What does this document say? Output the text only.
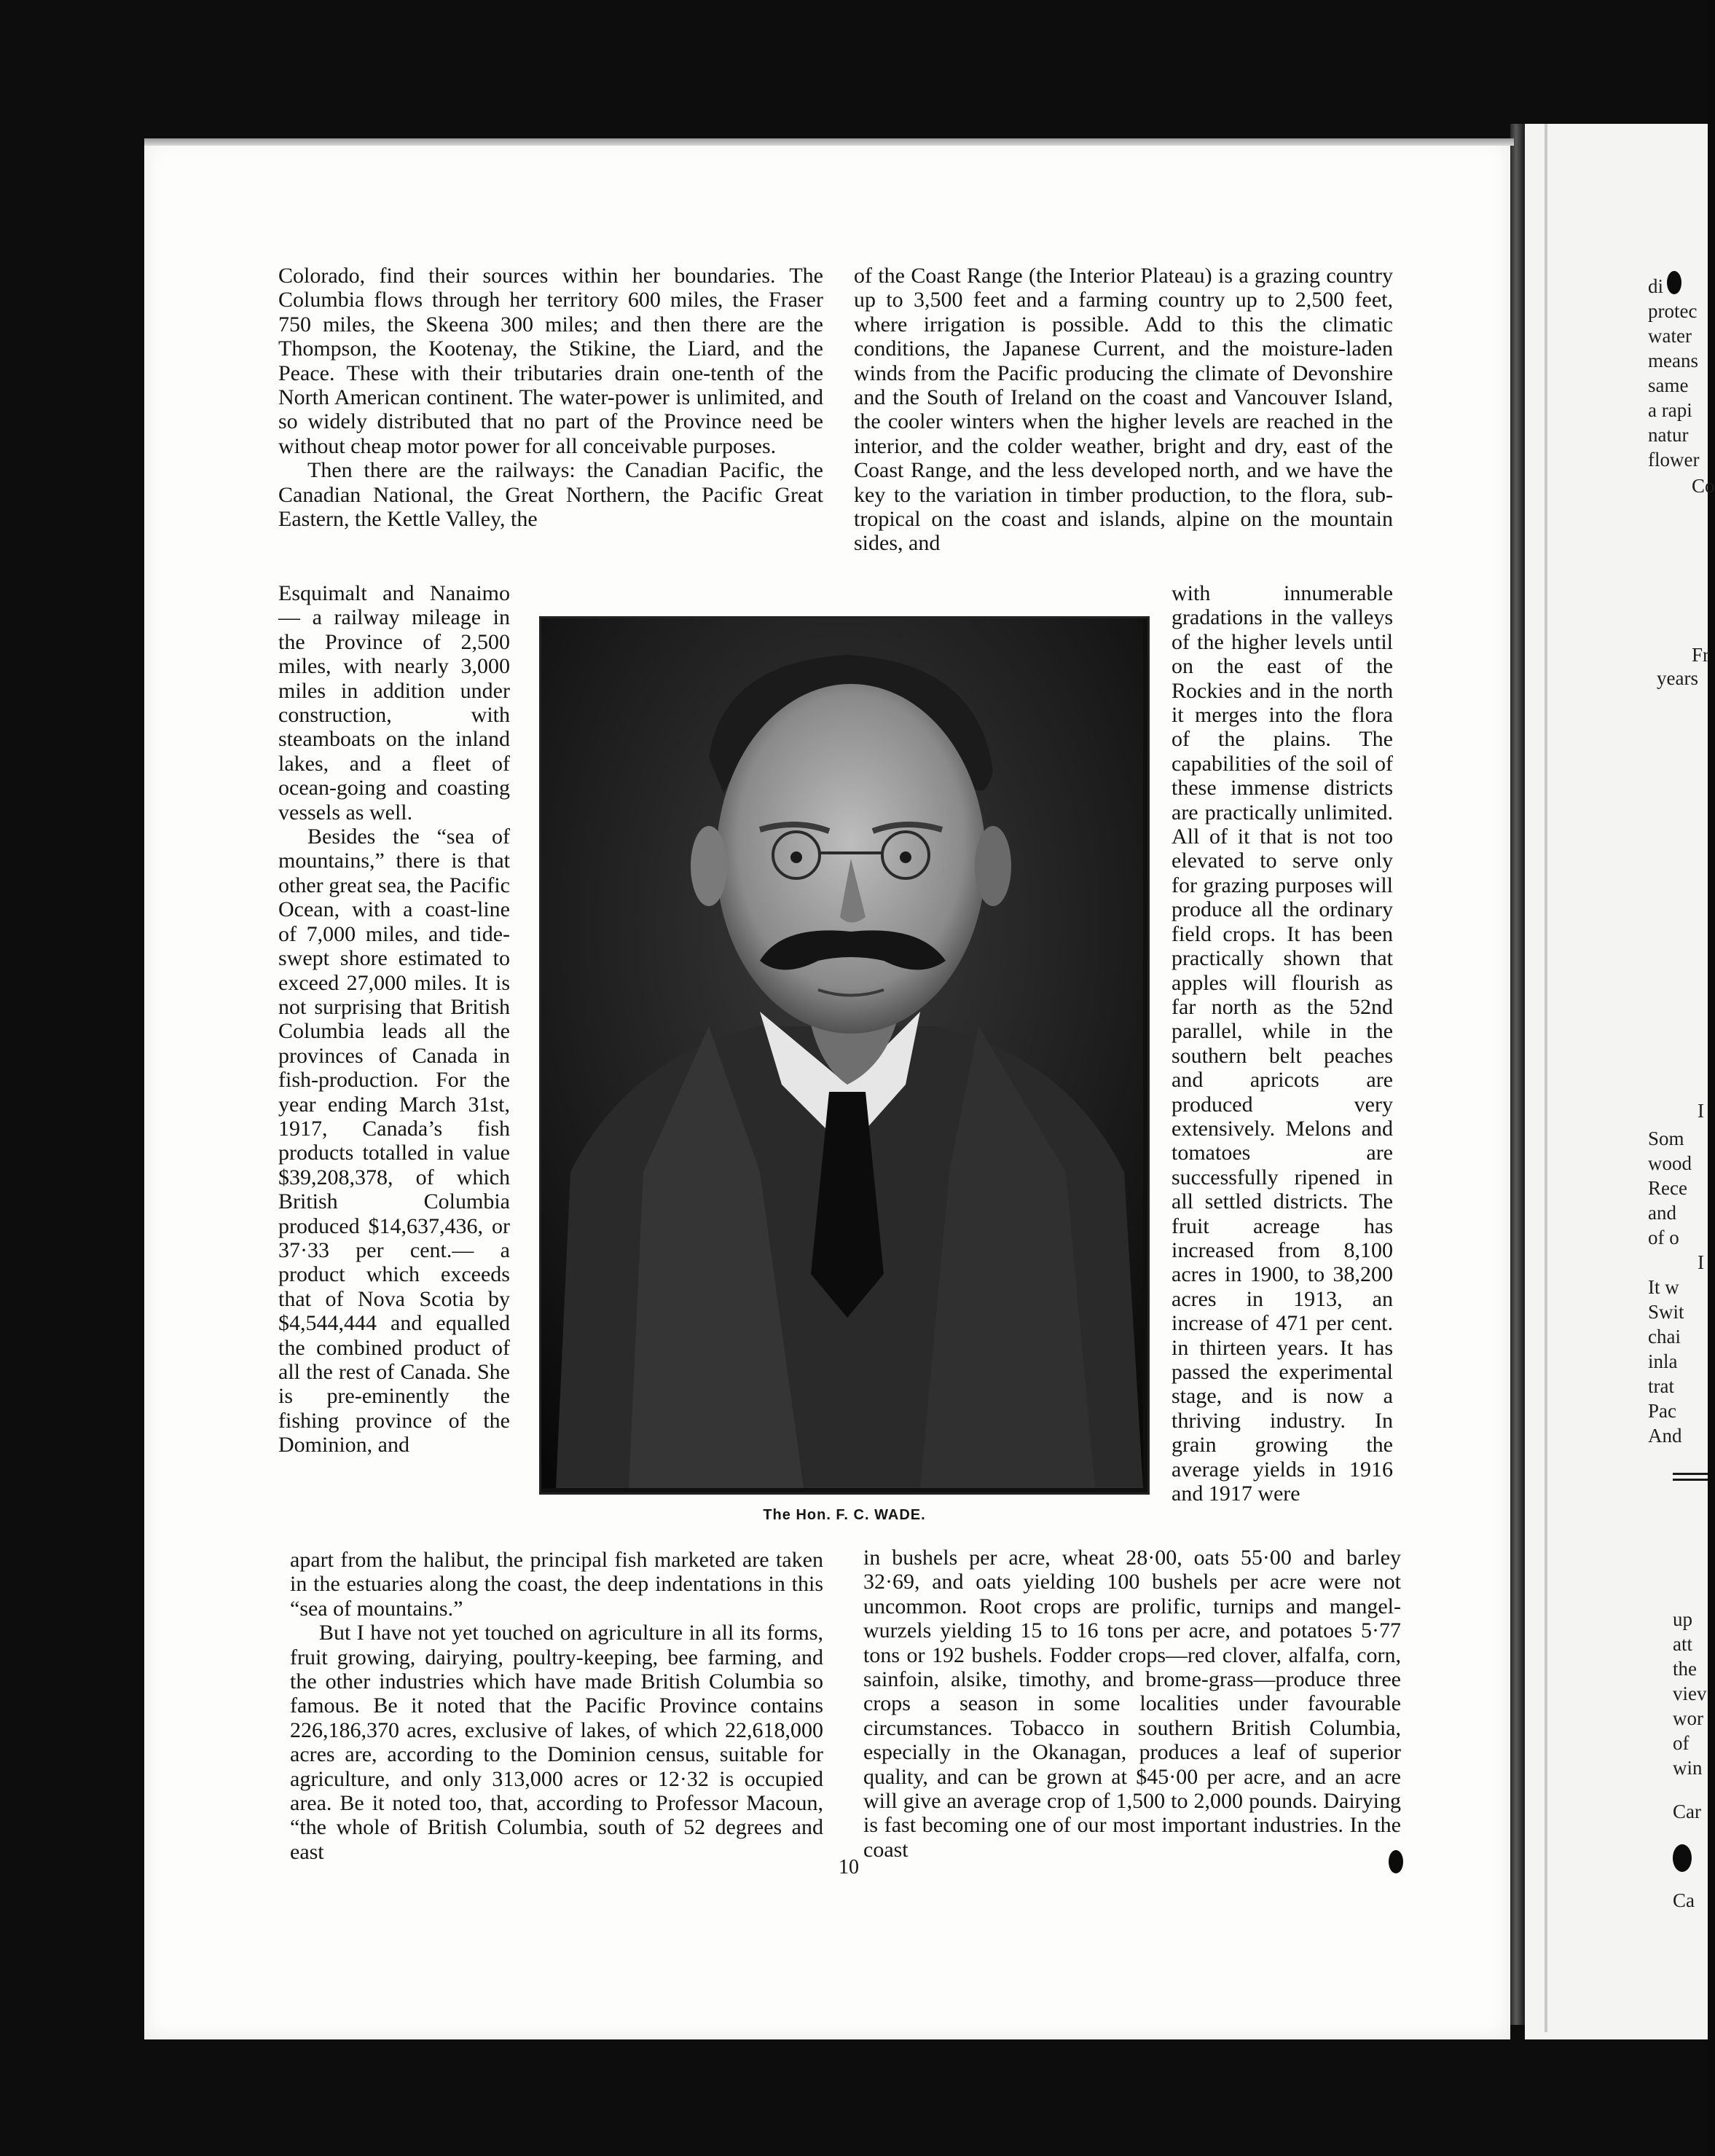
Colorado, find their sources within her boundaries. The Columbia flows through her territory 600 miles, the Fraser 750 miles, the Skeena 300 miles; and then there are the Thompson, the Kootenay, the Stikine, the Liard, and the Peace. These with their tributaries drain one-tenth of the North American continent. The water-power is unlimited, and so widely distributed that no part of the Province need be without cheap motor power for all conceivable purposes.

Then there are the railways: the Canadian Pacific, the Canadian National, the Great Northern, the Pacific Great Eastern, the Kettle Valley, the

Esquimalt and Nanaimo — a railway mileage in the Province of 2,500 miles, with nearly 3,000 miles in addition under construction, with steamboats on the inland lakes, and a fleet of ocean-going and coasting vessels as well.

Besides the “sea of mountains,” there is that other great sea, the Pacific Ocean, with a coast-line of 7,000 miles, and tide-swept shore estimated to exceed 27,000 miles. It is not surprising that British Columbia leads all the provinces of Canada in fish-production. For the year ending March 31st, 1917, Canada’s fish products totalled in value $39,208,378, of which British Columbia produced $14,637,436, or 37·33 per cent.— a product which exceeds that of Nova Scotia by $4,544,444 and equalled the combined product of all the rest of Canada. She is pre-eminently the fishing province of the Dominion, and

apart from the halibut, the principal fish marketed are taken in the estuaries along the coast, the deep indentations in this “sea of mountains.”

But I have not yet touched on agriculture in all its forms, fruit growing, dairying, poultry-keeping, bee farming, and the other industries which have made British Columbia so famous. Be it noted that the Pacific Province contains 226,186,370 acres, exclusive of lakes, of which 22,618,000 acres are, according to the Dominion census, suitable for agriculture, and only 313,000 acres or 12·32 is occupied area. Be it noted too, that, according to Professor Macoun, “the whole of British Columbia, south of 52 degrees and east

of the Coast Range (the Interior Plateau) is a grazing country up to 3,500 feet and a farming country up to 2,500 feet, where irrigation is possible. Add to this the climatic conditions, the Japanese Current, and the moisture-laden winds from the Pacific producing the climate of Devonshire and the South of Ireland on the coast and Vancouver Island, the cooler winters when the higher levels are reached in the interior, and the colder weather, bright and dry, east of the Coast Range, and the less developed north, and we have the key to the variation in timber production, to the flora, sub-tropical on the coast and islands, alpine on the mountain sides, and

with innumerable gradations in the valleys of the higher levels until on the east of the Rockies and in the north it merges into the flora of the plains. The capabilities of the soil of these immense districts are practically unlimited. All of it that is not too elevated to serve only for grazing purposes will produce all the ordinary field crops. It has been practically shown that apples will flourish as far north as the 52nd parallel, while in the southern belt peaches and apricots are produced very extensively. Melons and tomatoes are successfully ripened in all settled districts. The fruit acreage has increased from 8,100 acres in 1900, to 38,200 acres in 1913, an increase of 471 per cent. in thirteen years. It has passed the experimental stage, and is now a thriving industry. In grain growing the average yields in 1916 and 1917 were

in bushels per acre, wheat 28·00, oats 55·00 and barley 32·69, and oats yielding 100 bushels per acre were not uncommon. Root crops are prolific, turnips and mangel-wurzels yielding 15 to 16 tons per acre, and potatoes 5·77 tons or 192 bushels. Fodder crops—red clover, alfalfa, corn, sainfoin, alsike, timothy, and brome-grass—produce three crops a season in some localities under favourable circumstances. Tobacco in southern British Columbia, especially in the Okanagan, produces a leaf of superior quality, and can be grown at $45·00 per acre, and an acre will give an average crop of 1,500 to 2,000 pounds. Dairying is fast becoming one of our most important industries. In the coast

The Hon. F. C. WADE.
10
di
protec
water
means
same
a rapi
natur
flower
Co
Fr
years
I
Som
wood
Rece
and
of o
I
It w
Swit
chai
inla
trat
Pac
And
up
att
the
viev
wor
of
win
Car
Ca
